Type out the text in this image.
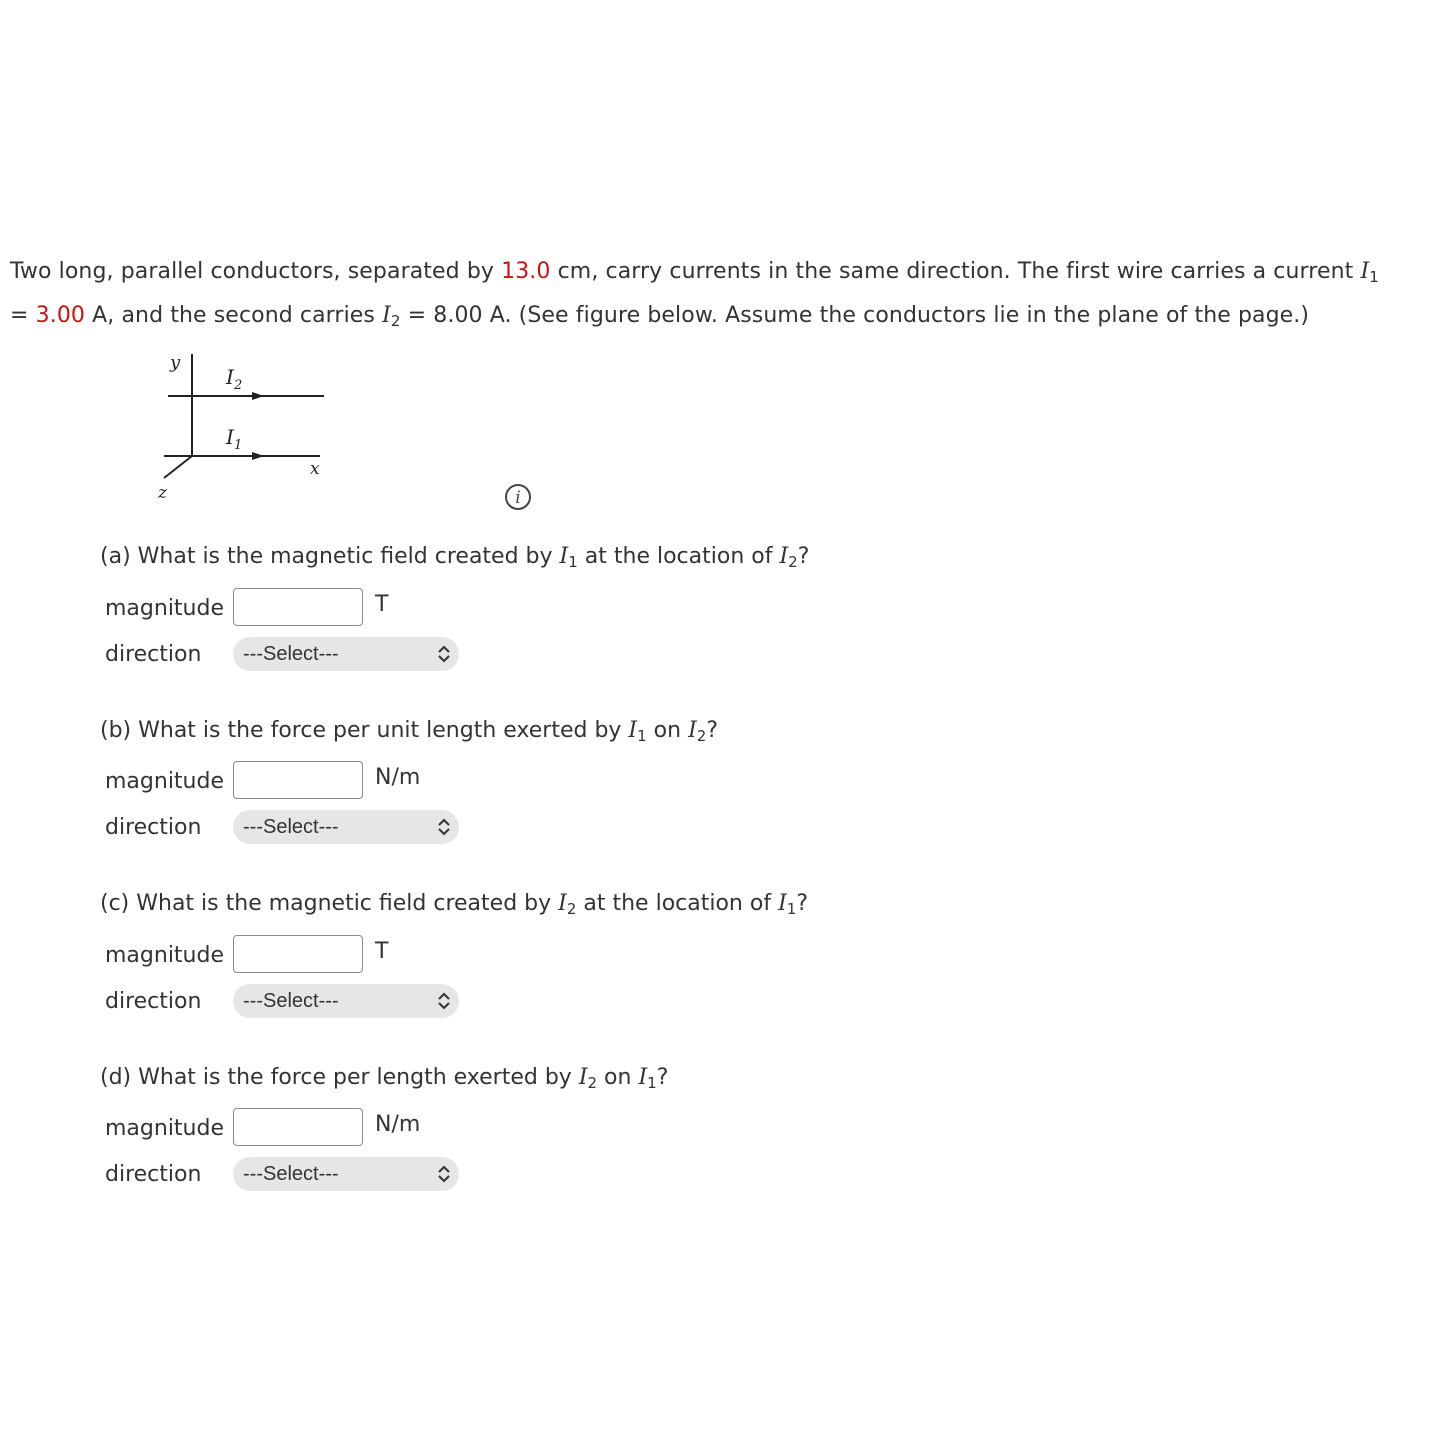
Two long, parallel conductors, separated by 13.0 cm, carry currents in the same direction. The first wire carries a current $I_1$
= 3.00 A, and the second carries $I_2 = 8.00$ A. (See figure below. Assume the conductors lie in the plane of the page.)
y
x
z
I 2
I 1
i
(a) What is the magnetic field created by $I_1$ at the location of $I_2$?
magnitude	T
direction	---Select---
(b) What is the force per unit length exerted by $I_1$ on $I_2$?
magnitude	N/m
direction	---Select---
(c) What is the magnetic field created by $I_2$ at the location of $I_1$?
magnitude	T
direction	---Select---
(d) What is the force per length exerted by $I_2$ on $I_1$?
magnitude	N/m
direction	---Select---
